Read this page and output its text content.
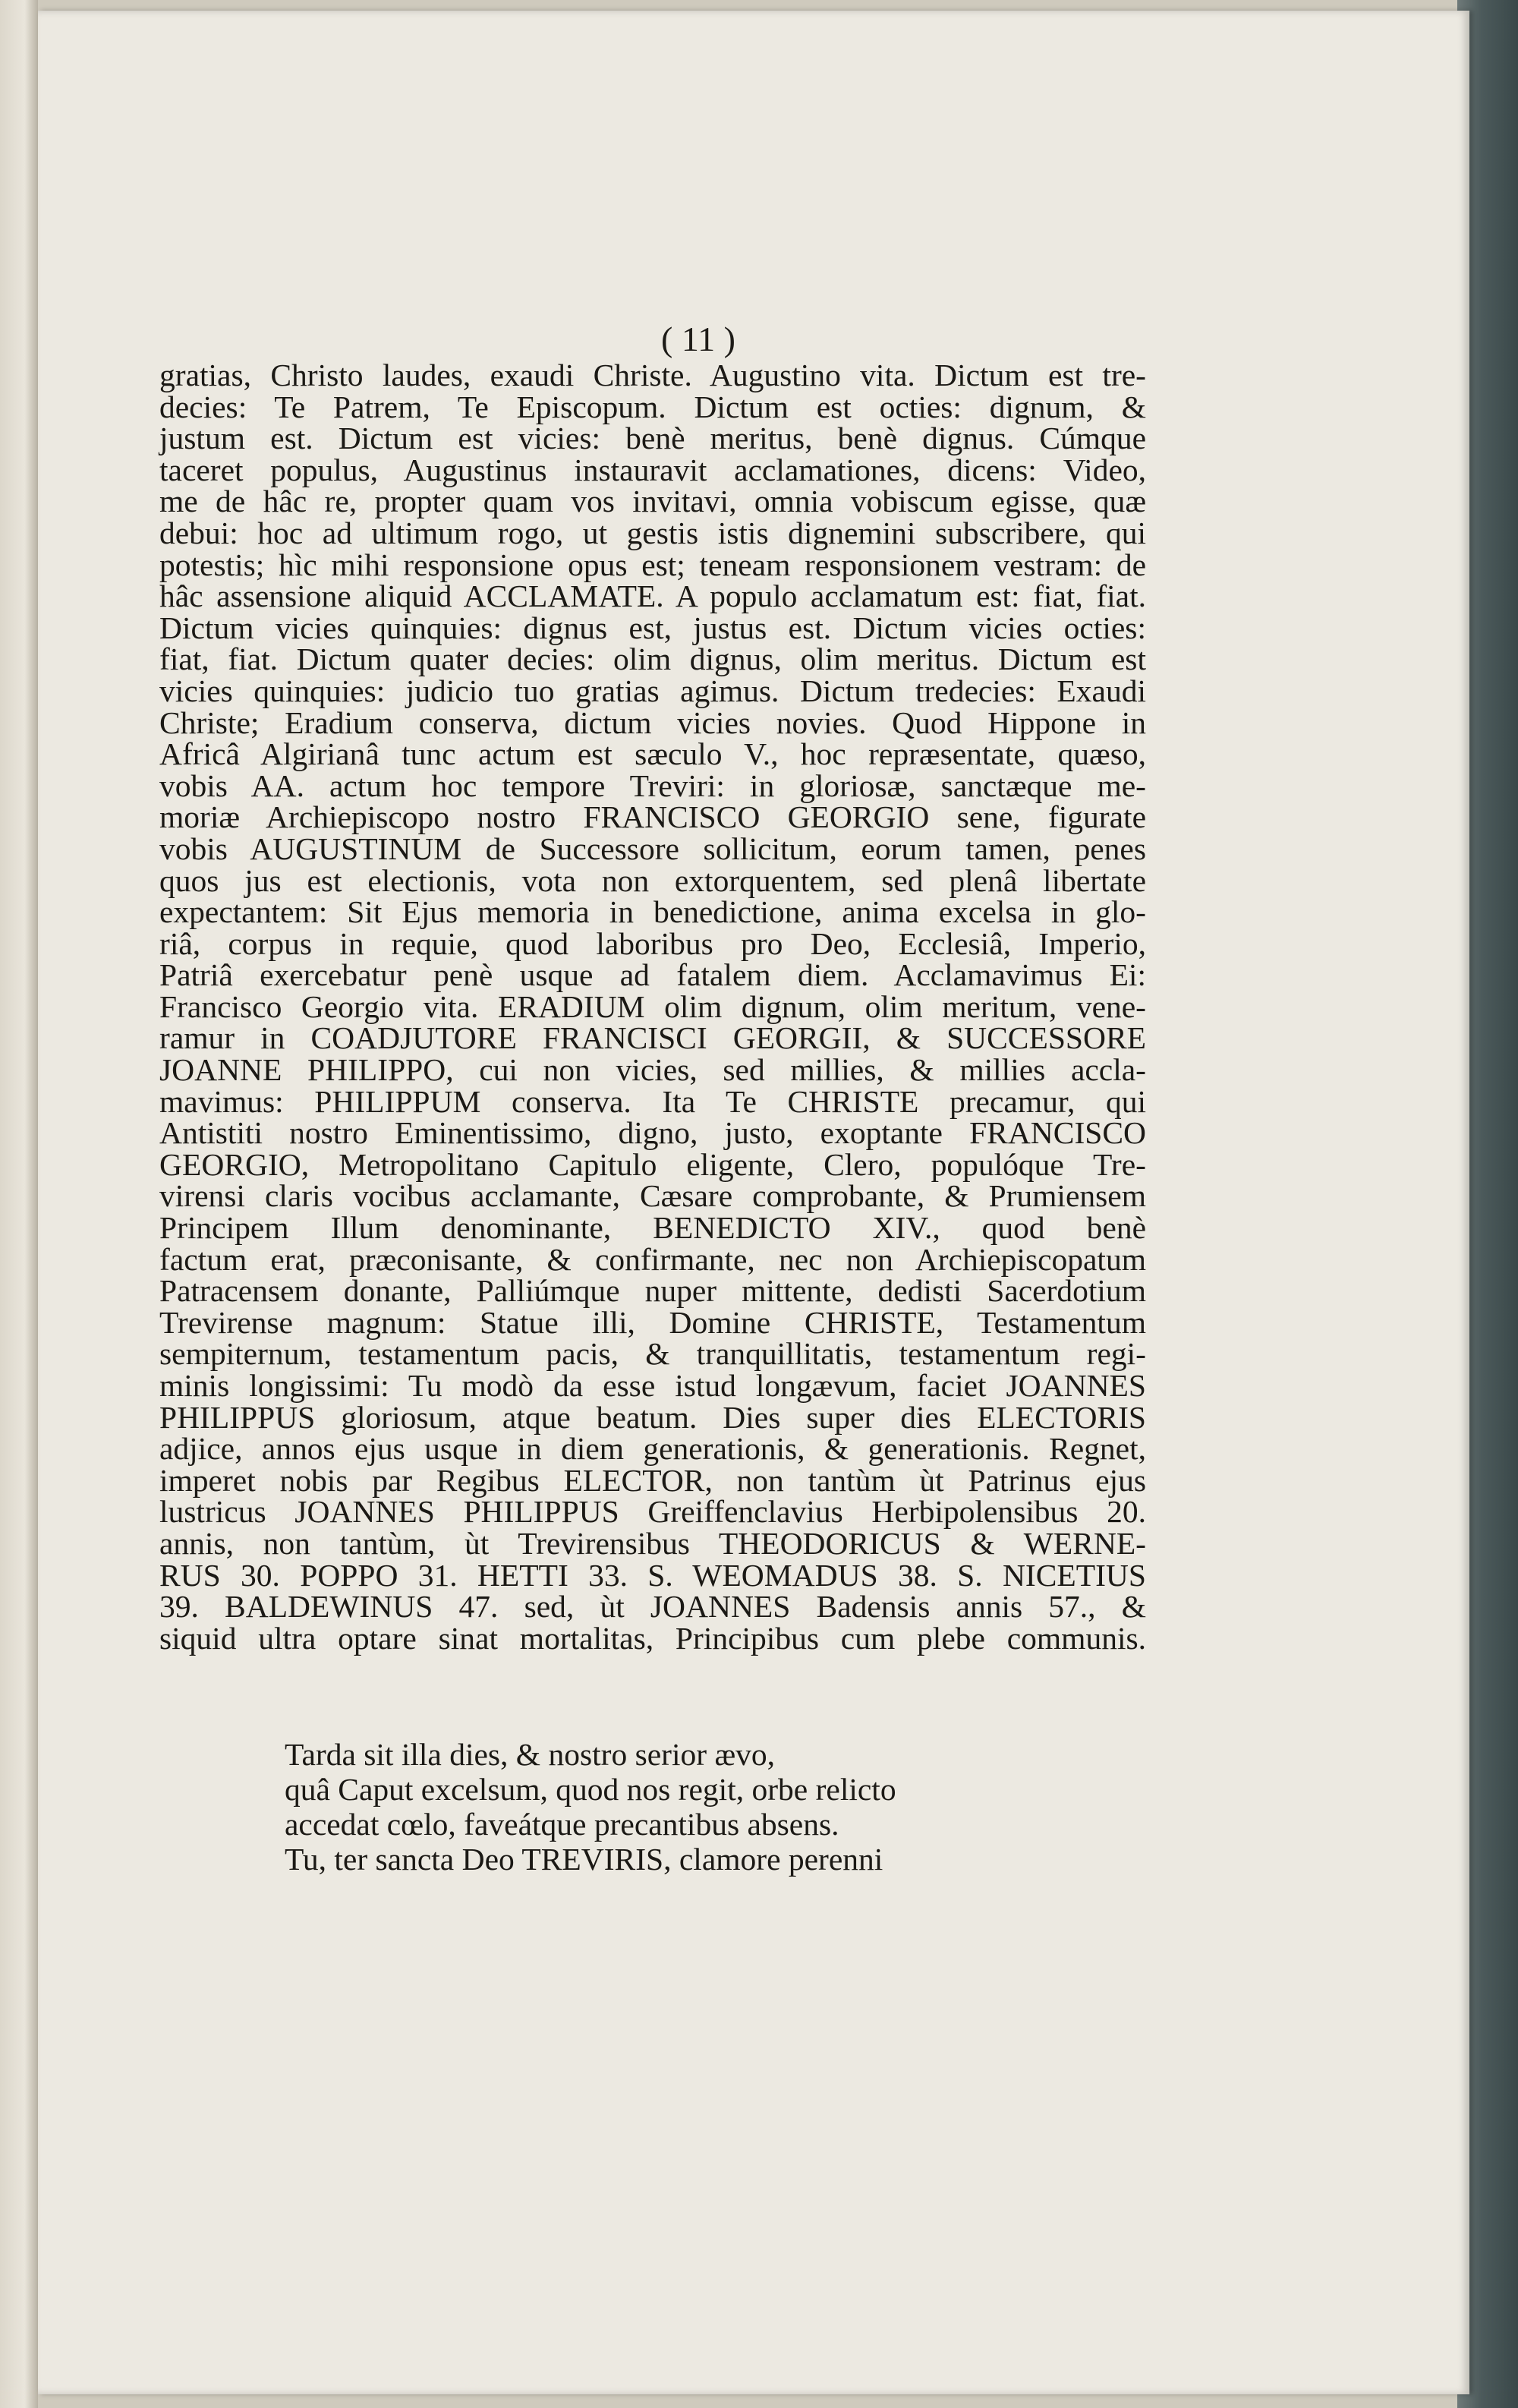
( 11 )
gratias, Christo laudes, exaudi Christe. Augustino vita. Dictum est tre-
decies: Te Patrem, Te Episcopum. Dictum est octies: dignum, &
justum est. Dictum est vicies: benè meritus, benè dignus. Cúmque
taceret populus, Augustinus instauravit acclamationes, dicens: Video,
me de hâc re, propter quam vos invitavi, omnia vobiscum egisse, quæ
debui: hoc ad ultimum rogo, ut gestis istis dignemini subscribere, qui
potestis; hìc mihi responsione opus est; teneam responsionem vestram: de
hâc assensione aliquid ACCLAMATE. A populo acclamatum est: fiat, fiat.
Dictum vicies quinquies: dignus est, justus est. Dictum vicies octies:
fiat, fiat. Dictum quater decies: olim dignus, olim meritus. Dictum est
vicies quinquies: judicio tuo gratias agimus. Dictum tredecies: Exaudi
Christe; Eradium conserva, dictum vicies novies. Quod Hippone in
Africâ Algirianâ tunc actum est sæculo V., hoc repræsentate, quæso,
vobis AA. actum hoc tempore Treviri: in gloriosæ, sanctæque me-
moriæ Archiepiscopo nostro FRANCISCO GEORGIO sene, figurate
vobis AUGUSTINUM de Successore sollicitum, eorum tamen, penes
quos jus est electionis, vota non extorquentem, sed plenâ libertate
expectantem: Sit Ejus memoria in benedictione, anima excelsa in glo-
riâ, corpus in requie, quod laboribus pro Deo, Ecclesiâ, Imperio,
Patriâ exercebatur penè usque ad fatalem diem. Acclamavimus Ei:
Francisco Georgio vita. ERADIUM olim dignum, olim meritum, vene-
ramur in COADJUTORE FRANCISCI GEORGII, & SUCCESSORE
JOANNE PHILIPPO, cui non vicies, sed millies, & millies accla-
mavimus: PHILIPPUM conserva. Ita Te CHRISTE precamur, qui
Antistiti nostro Eminentissimo, digno, justo, exoptante FRANCISCO
GEORGIO, Metropolitano Capitulo eligente, Clero, populóque Tre-
virensi claris vocibus acclamante, Cæsare comprobante, & Prumiensem
Principem Illum denominante, BENEDICTO XIV., quod benè
factum erat, præconisante, & confirmante, nec non Archiepiscopatum
Patracensem donante, Palliúmque nuper mittente, dedisti Sacerdotium
Trevirense magnum: Statue illi, Domine CHRISTE, Testamentum
sempiternum, testamentum pacis, & tranquillitatis, testamentum regi-
minis longissimi: Tu modò da esse istud longævum, faciet JOANNES
PHILIPPUS gloriosum, atque beatum. Dies super dies ELECTORIS
adjice, annos ejus usque in diem generationis, & generationis. Regnet,
imperet nobis par Regibus ELECTOR, non tantùm ùt Patrinus ejus
lustricus JOANNES PHILIPPUS Greiffenclavius Herbipolensibus 20.
annis, non tantùm, ùt Trevirensibus THEODORICUS & WERNE-
RUS 30. POPPO 31. HETTI 33. S. WEOMADUS 38. S. NICETIUS
39. BALDEWINUS 47. sed, ùt JOANNES Badensis annis 57., &
siquid ultra optare sinat mortalitas, Principibus cum plebe communis.
Tarda sit illa dies, & nostro serior ævo,
quâ Caput excelsum, quod nos regit, orbe relicto
accedat cœlo, faveátque precantibus absens.
Tu, ter sancta Deo TREVIRIS, clamore perenni
